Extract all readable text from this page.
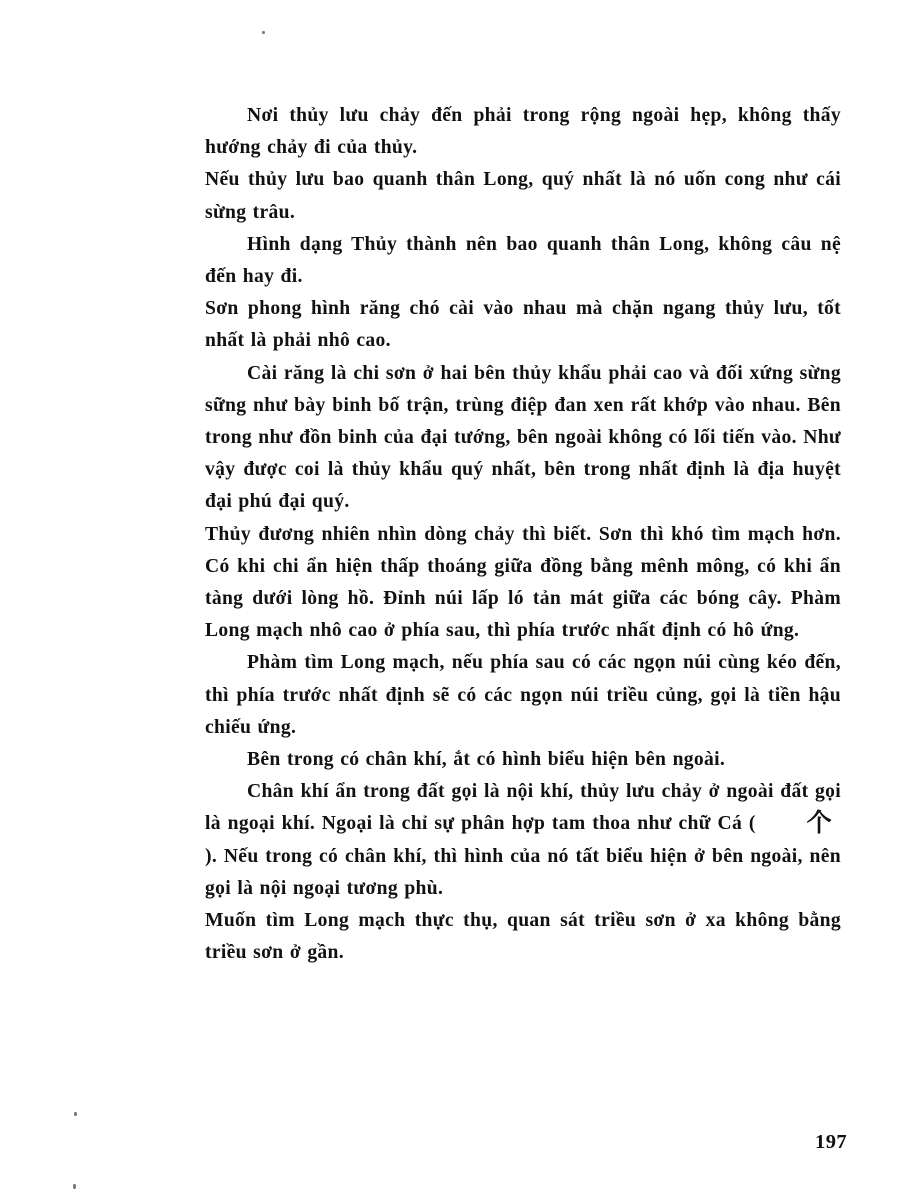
Nơi thủy lưu chảy đến phải trong rộng ngoài hẹp, không thấy hướng chảy đi của thủy.

Nếu thủy lưu bao quanh thân Long, quý nhất là nó uốn cong như cái sừng trâu.

Hình dạng Thủy thành nên bao quanh thân Long, không câu nệ đến hay đi.

Sơn phong hình răng chó cài vào nhau mà chặn ngang thủy lưu, tốt nhất là phải nhô cao.

Cài răng là chi sơn ở hai bên thủy khẩu phải cao và đối xứng sừng sững như bày binh bố trận, trùng điệp đan xen rất khớp vào nhau. Bên trong như đồn binh của đại tướng, bên ngoài không có lối tiến vào. Như vậy được coi là thủy khẩu quý nhất, bên trong nhất định là địa huyệt đại phú đại quý.

Thủy đương nhiên nhìn dòng chảy thì biết. Sơn thì khó tìm mạch hơn. Có khi chi ẩn hiện thấp thoáng giữa đồng bằng mênh mông, có khi ẩn tàng dưới lòng hồ. Đỉnh núi lấp ló tản mát giữa các bóng cây. Phàm Long mạch nhô cao ở phía sau, thì phía trước nhất định có hô ứng.

Phàm tìm Long mạch, nếu phía sau có các ngọn núi cùng kéo đến, thì phía trước nhất định sẽ có các ngọn núi triều củng, gọi là tiền hậu chiếu ứng.

Bên trong có chân khí, ắt có hình biểu hiện bên ngoài.

Chân khí ẩn trong đất gọi là nội khí, thủy lưu chảy ở ngoài đất gọi là ngoại khí. Ngoại là chỉ sự phân hợp tam thoa như chữ Cá ( 个). Nếu trong có chân khí, thì hình của nó tất biểu hiện ở bên ngoài, nên gọi là nội ngoại tương phù.

Muốn tìm Long mạch thực thụ, quan sát triều sơn ở xa không bằng triều sơn ở gần.

197
